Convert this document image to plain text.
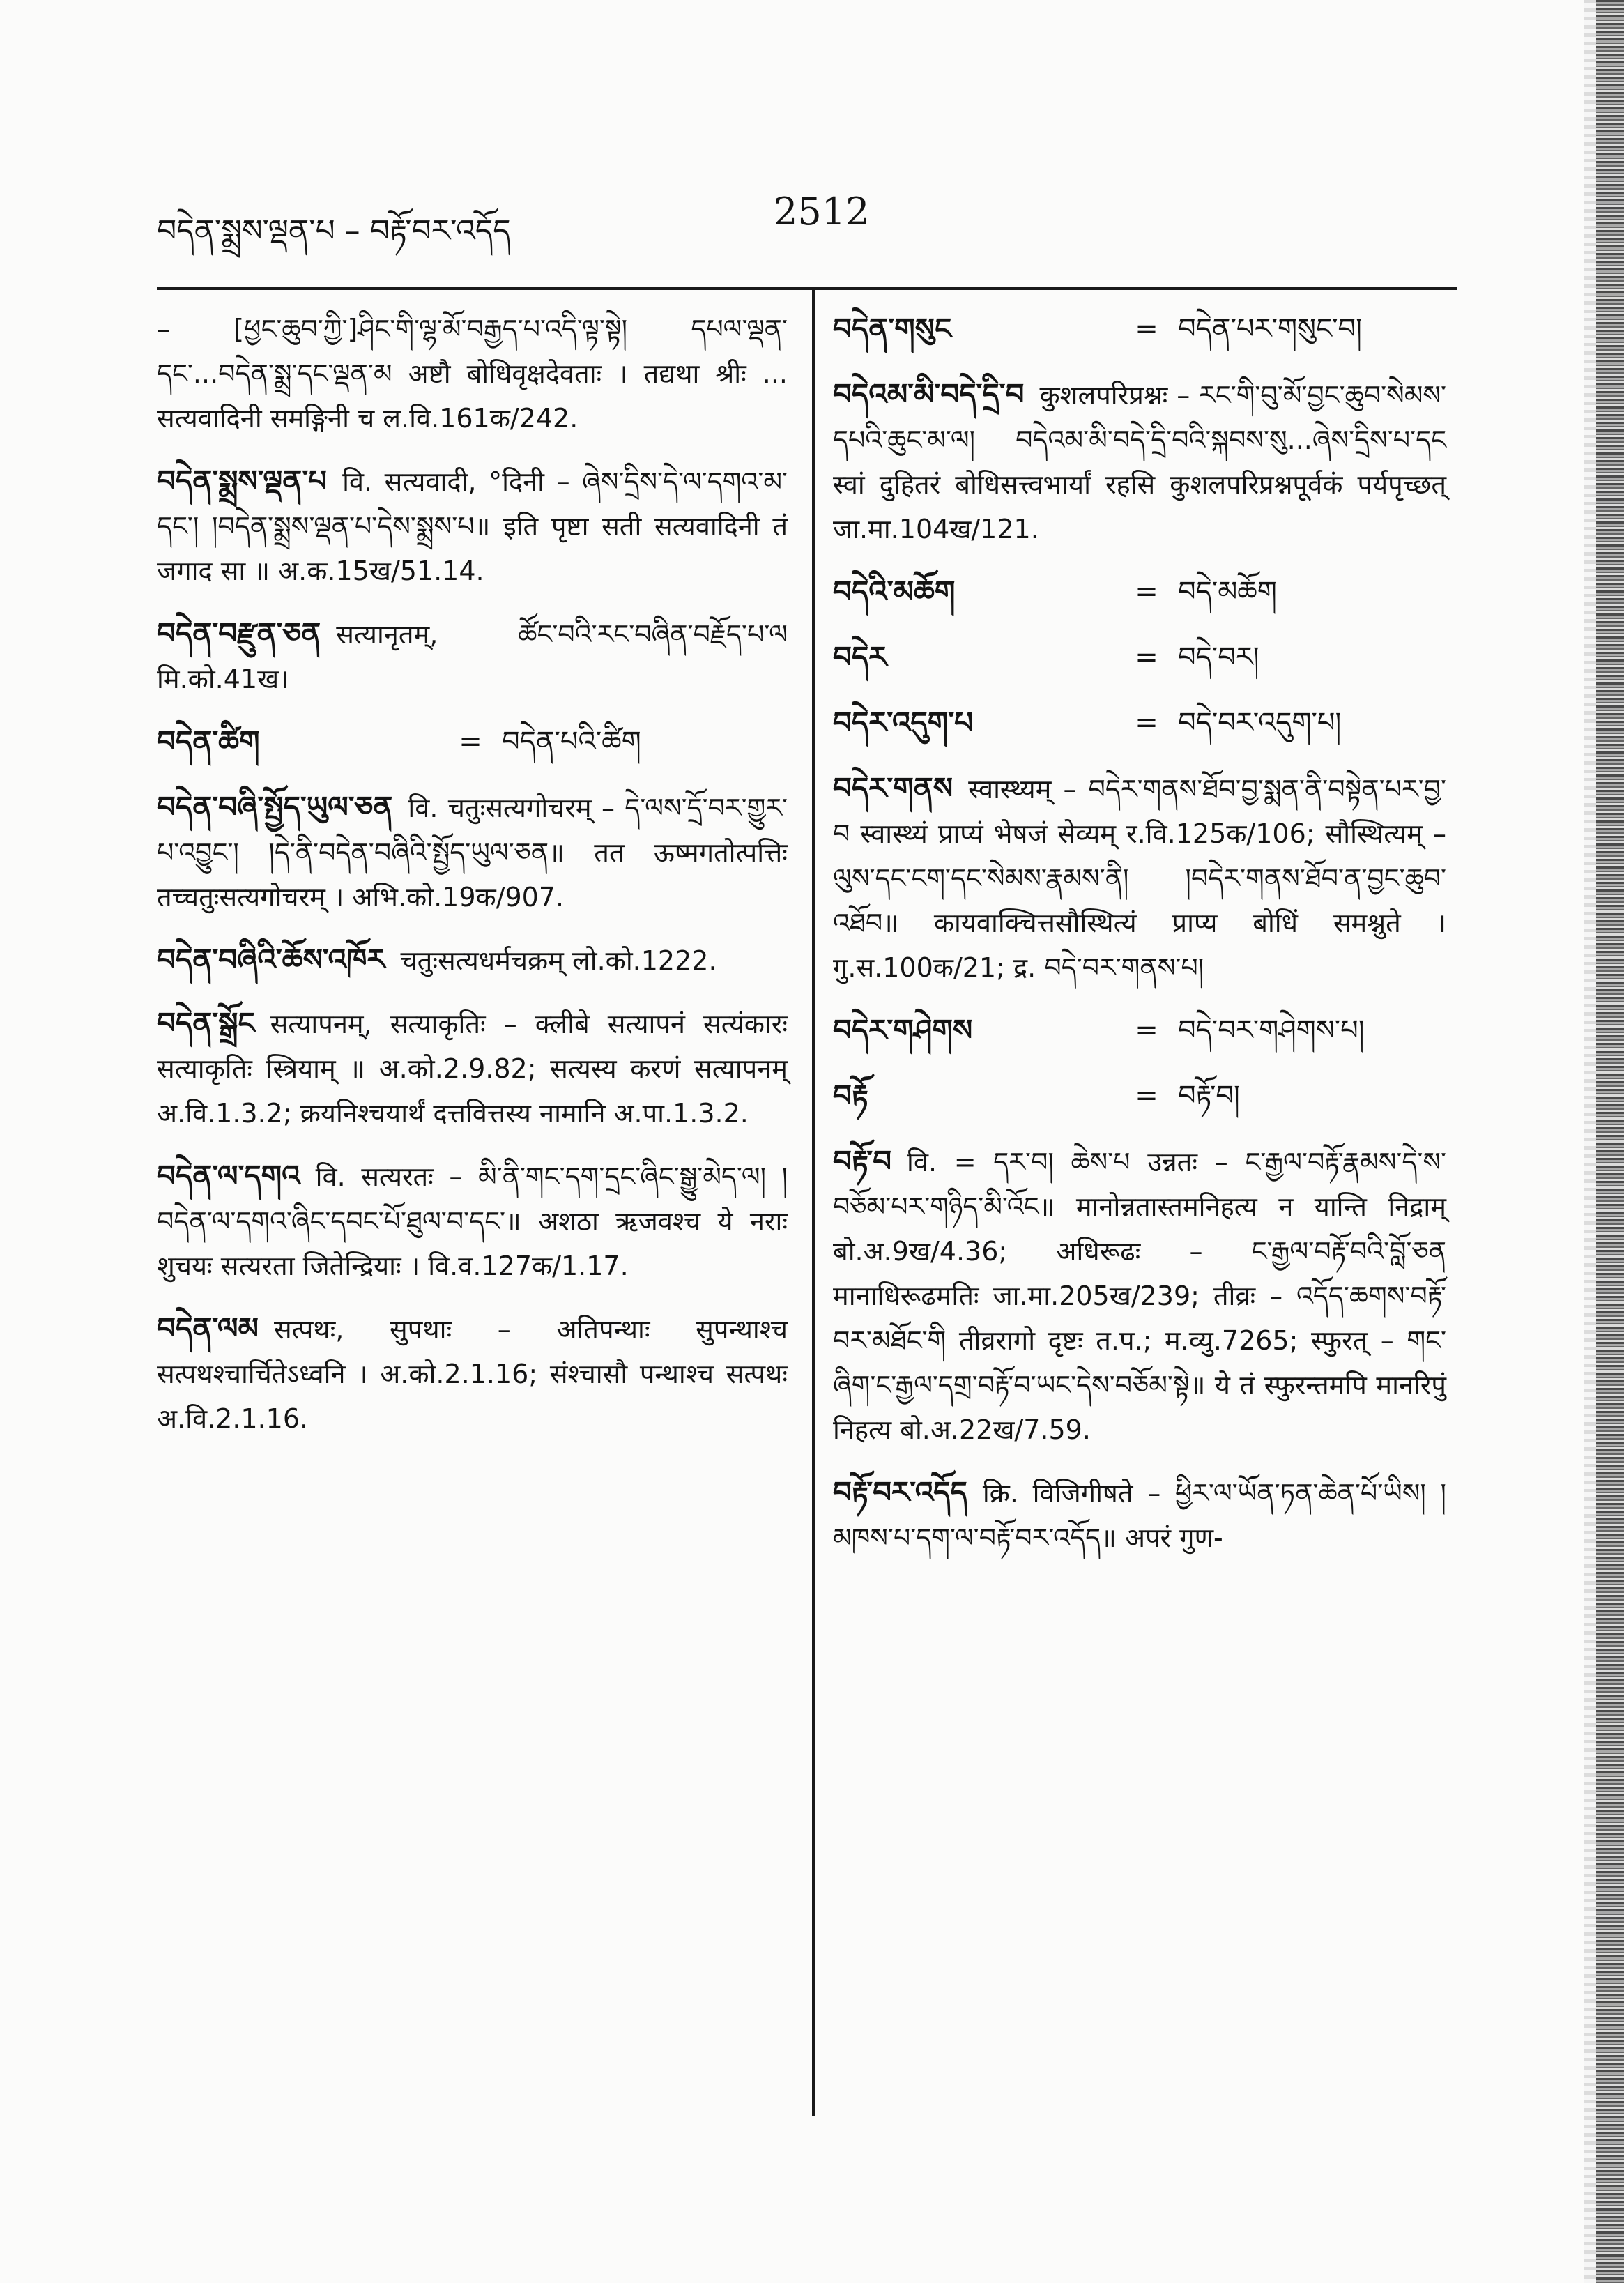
བདེན་སྨྲས་ལྡན་པ – བརྟོ་བར་འདོད	2512
– [ཕྱང་ཆུབ་ཀྱི་]ཤིང་གི་ལྷ་མོ་བརྒྱད་པ་འདི་ལྟ་སྟེ། དཔལ་ལྡན་དང་...བདེན་སྨྲ་དང་ལྡན་མ अष्टौ बोधिवृक्षदेवताः । तद्यथा श्रीः ... सत्यवादिनी समङ्गिनी च ल.वि.161क/242.
བདེན་སྨྲས་ལྡན་པ वि. सत्यवादी, °दिनी – ཞེས་དྲིས་དེ་ལ་དགའ་མ་དང་། །བདེན་སྨྲས་ལྡན་པ་དེས་སྨྲས་པ॥ इति पृष्टा सती सत्यवादिनी तं जगाद सा ॥ अ.क.15ख/51.14.
བདེན་བརྫུན་ཅན सत्यानृतम्, ཚོང་བའི་རང་བཞིན་བརྗོད་པ་ལ मि.को.41ख।
བདེན་ཚིག	= བདེན་པའི་ཚིག
བདེན་བཞི་སྤྱོད་ཡུལ་ཅན वि. चतुःसत्यगोचरम् – དེ་ལས་དྲོ་བར་གྱུར་པ་འབྱུང་། །དེ་ནི་བདེན་བཞིའི་སྤྱོད་ཡུལ་ཅན॥ तत ऊष्मगतोत्पत्तिः तच्चतुःसत्यगोचरम् । अभि.को.19क/907.
བདེན་བཞིའི་ཆོས་འཁོར चतुःसत्यधर्मचक्रम् लो.को.1222.
བདེན་སྒྲོང सत्यापनम्, सत्याकृतिः – क्लीबे सत्यापनं सत्यंकारः सत्याकृतिः स्त्रियाम् ॥ अ.को.2.9.82; सत्यस्य करणं सत्यापनम् अ.वि.1.3.2; क्रयनिश्चयार्थं दत्तवित्तस्य नामानि अ.पा.1.3.2.
བདེན་ལ་དགའ वि. सत्यरतः – མི་ནི་གང་དག་དྲང་ཞིང་སྒྱུ་མེད་ལ། །བདེན་ལ་དགའ་ཞིང་དབང་པོ་ཐུལ་བ་དང་॥ अशठा ऋजवश्च ये नराः शुचयः सत्यरता जितेन्द्रियाः । वि.व.127क/1.17.
བདེན་ལམ सत्पथः, सुपथाः – अतिपन्थाः सुपन्थाश्च सत्पथश्चार्चितेऽध्वनि । अ.को.2.1.16; संश्चासौ पन्थाश्च सत्पथः अ.वि.2.1.16.
བདེན་གསུང	= བདེན་པར་གསུང་བ།
བདེའམ་མི་བདེ་དྲི་བ कुशलपरिप्रश्नः – རང་གི་བུ་མོ་བྱང་ཆུབ་སེམས་དཔའི་ཆུང་མ་ལ། བདེའམ་མི་བདེ་དྲི་བའི་སྐབས་སུ...ཞེས་དྲིས་པ་དང स्वां दुहितरं बोधिसत्त्वभार्यां रहसि कुशलपरिप्रश्नपूर्वकं पर्यपृच्छत् जा.मा.104ख/121.
བདེའི་མཆོག	= བདེ་མཆོག
བདེར	= བདེ་བར།
བདེར་འདུག་པ	= བདེ་བར་འདུག་པ།
བདེར་གནས स्वास्थ्यम् – བདེར་གནས་ཐོབ་བྱ་སྨན་ནི་བསྟེན་པར་བྱ་བ स्वास्थ्यं प्राप्यं भेषजं सेव्यम् र.वि.125क/106; सौस्थित्यम् – ལུས་དང་ངག་དང་སེམས་རྣམས་ནི། །བདེར་གནས་ཐོབ་ན་བྱང་ཆུབ་འཐོབ॥ कायवाक्चित्तसौस्थित्यं प्राप्य बोधिं समश्नुते । गु.स.100क/21; द्र. བདེ་བར་གནས་པ།
བདེར་གཤེགས	= བདེ་བར་གཤེགས་པ།
བརྟོ	= བརྟོ་བ།
བརྟོ་བ वि. = དར་བ། ཆེས་པ उन्नतः – ང་རྒྱལ་བརྟོ་རྣམས་དེ་ས་བཅོམ་པར་གཉིད་མི་འོང॥ मानोन्नतास्तमनिहत्य न यान्ति निद्राम् बो.अ.9ख/4.36; अधिरूढः – ང་རྒྱལ་བརྟོ་བའི་བློ་ཅན मानाधिरूढमतिः जा.मा.205ख/239; तीव्रः – འདོད་ཆགས་བརྟོ་བར་མཐོང་གི तीव्ररागो दृष्टः त.प.; म.व्यु.7265; स्फुरत् – གང་ཞིག་ང་རྒྱལ་དགྲ་བརྟོ་བ་ཡང་དེས་བཅོམ་སྟེ॥ ये तं स्फुरन्तमपि मानरिपुं निहत्य बो.अ.22ख/7.59.
བརྟོ་བར་འདོད क्रि. विजिगीषते – ཕྱིར་ལ་ཡོན་ཏན་ཆེན་པོ་ཡིས། །མཁས་པ་དག་ལ་བརྟོ་བར་འདོད॥ अपरं गुण-
